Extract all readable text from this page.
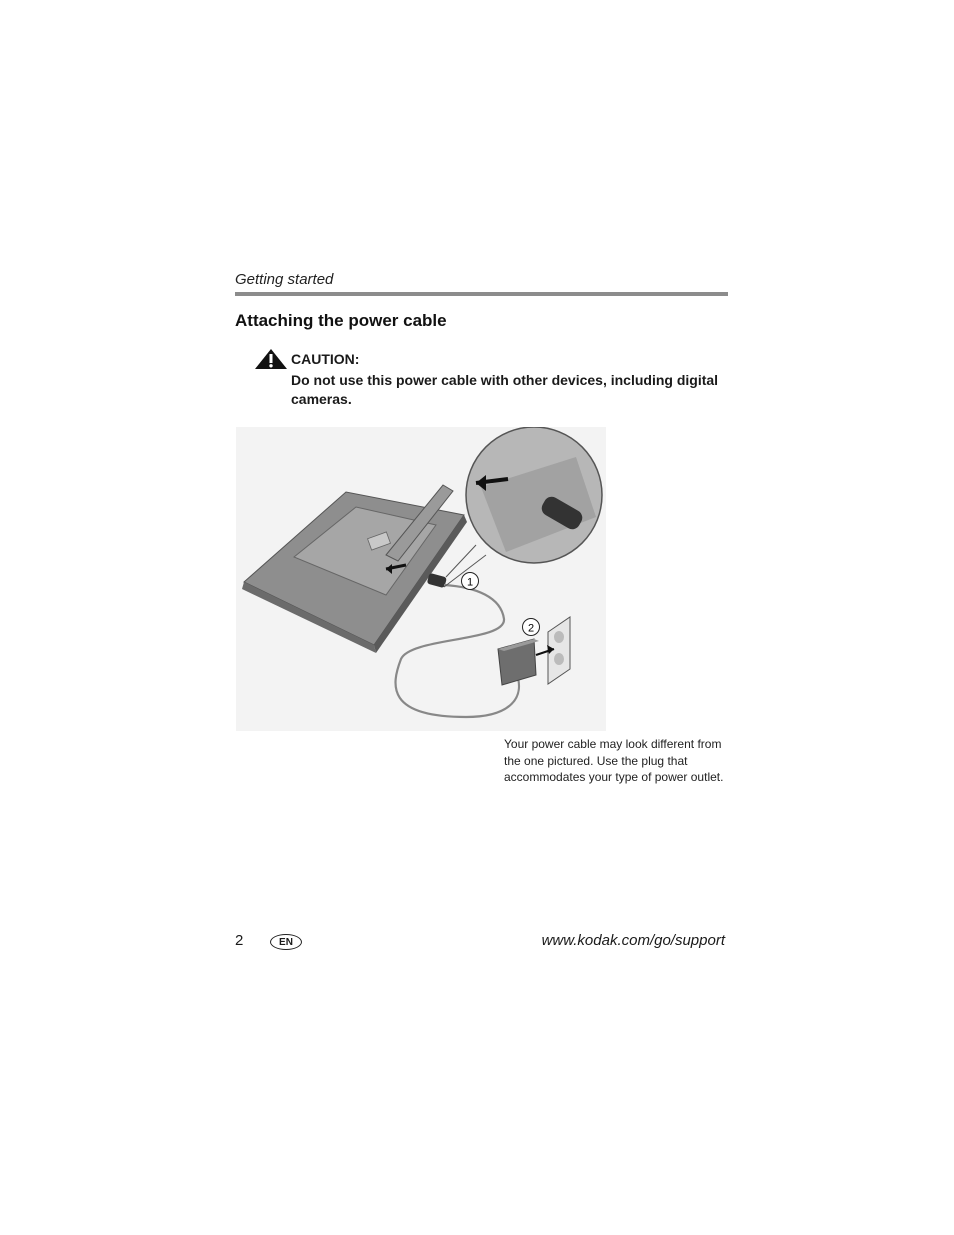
Getting started
Attaching the power cable
CAUTION:
Do not use this power cable with other devices, including digital cameras.
1
2
Your power cable may look different from the one pictured. Use the plug that accommodates your type of power outlet.
2	EN	www.kodak.com/go/support
